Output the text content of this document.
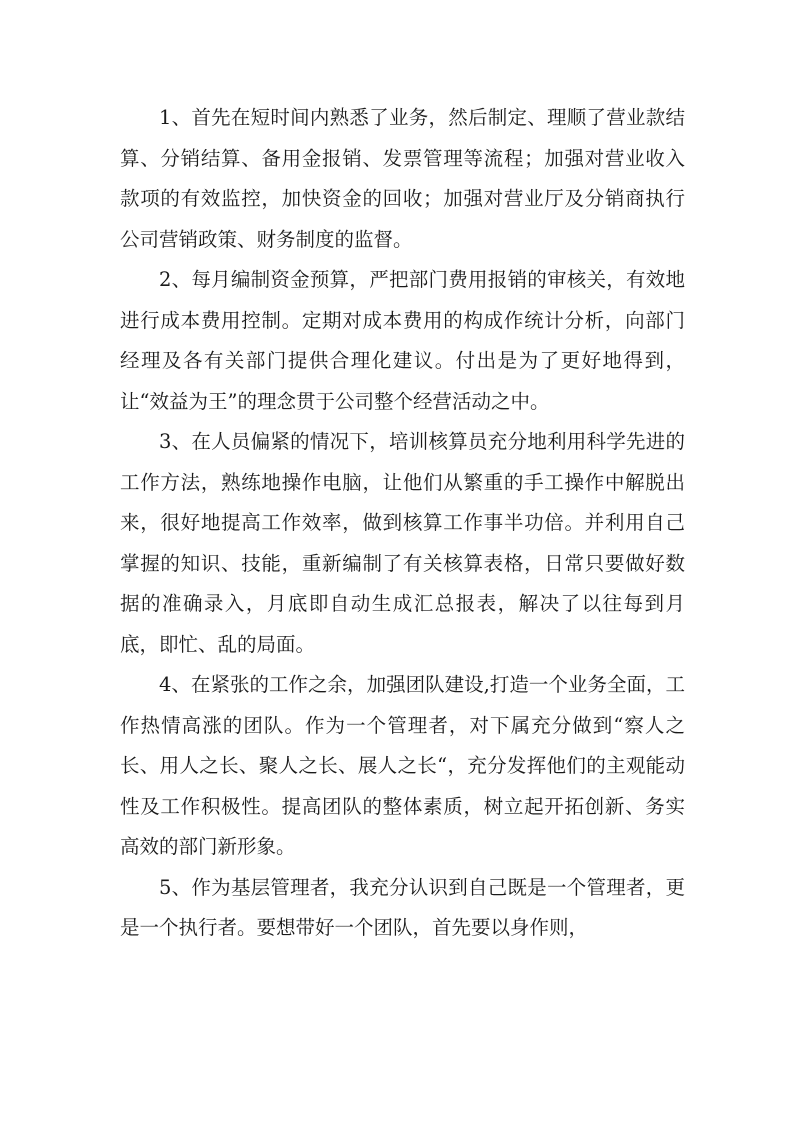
1、首先在短时间内熟悉了业务，然后制定、理顺了营业款结算、分销结算、备用金报销、发票管理等流程；加强对营业收入款项的有效监控，加快资金的回收；加强对营业厅及分销商执行公司营销政策、财务制度的监督。

2、每月编制资金预算，严把部门费用报销的审核关，有效地进行成本费用控制。定期对成本费用的构成作统计分析，向部门经理及各有关部门提供合理化建议。付出是为了更好地得到，让“效益为王”的理念贯于公司整个经营活动之中。

3、在人员偏紧的情况下，培训核算员充分地利用科学先进的工作方法，熟练地操作电脑，让他们从繁重的手工操作中解脱出来，很好地提高工作效率，做到核算工作事半功倍。并利用自己掌握的知识、技能，重新编制了有关核算表格，日常只要做好数据的准确录入，月底即自动生成汇总报表，解决了以往每到月底，即忙、乱的局面。

4、在紧张的工作之余，加强团队建设,打造一个业务全面，工作热情高涨的团队。作为一个管理者，对下属充分做到“察人之长、用人之长、聚人之长、展人之长“，充分发挥他们的主观能动性及工作积极性。提高团队的整体素质，树立起开拓创新、务实高效的部门新形象。

5、作为基层管理者，我充分认识到自己既是一个管理者，更是一个执行者。要想带好一个团队，首先要以身作则，
